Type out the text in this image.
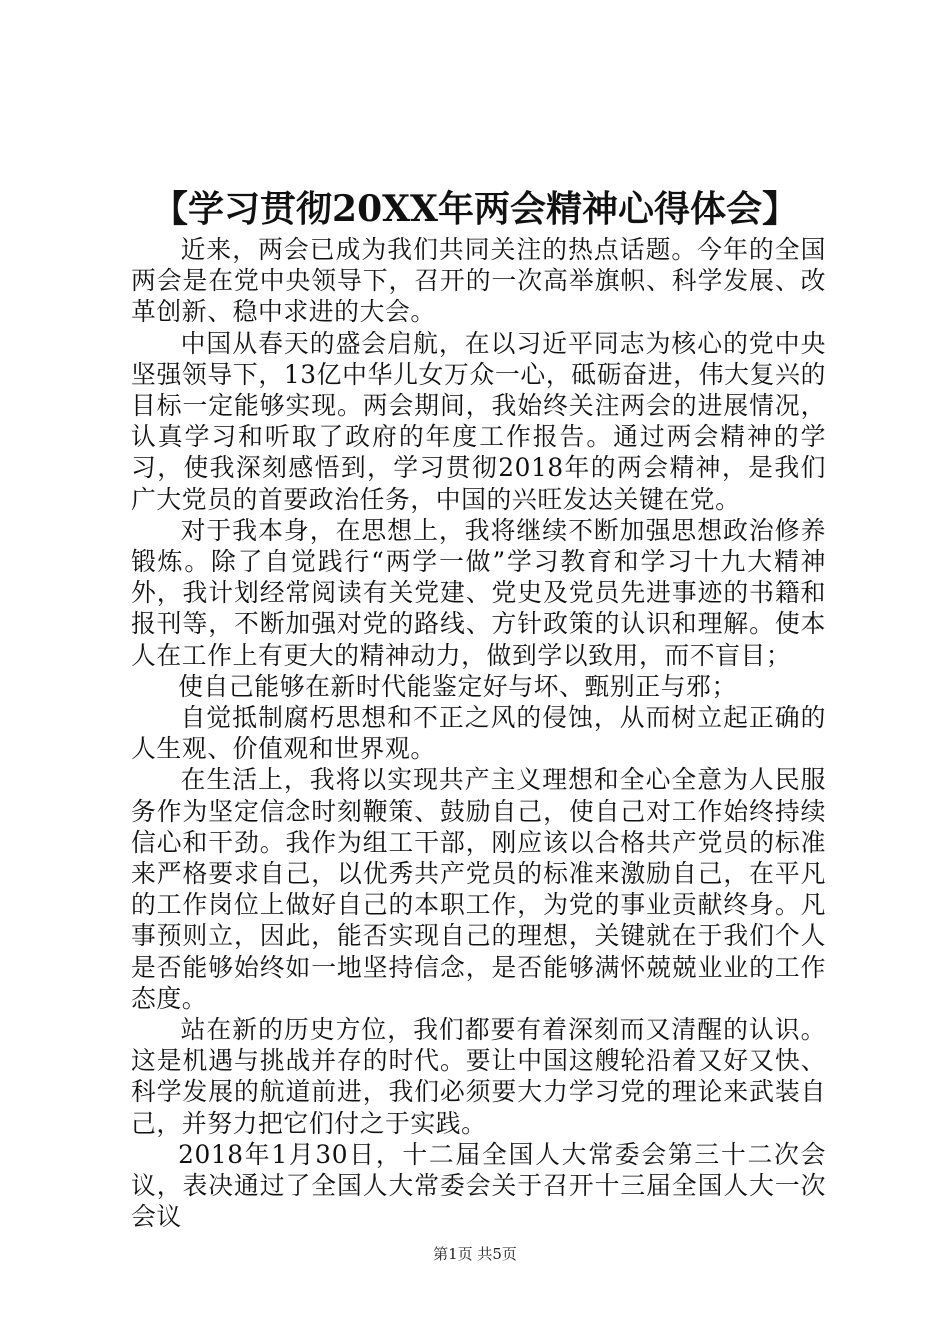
【学习贯彻20XX年两会精神心得体会】

近来，两会已成为我们共同关注的热点话题。今年的全国两会是在党中央领导下，召开的一次高举旗帜、科学发展、改革创新、稳中求进的大会。

中国从春天的盛会启航，在以习近平同志为核心的党中央坚强领导下，13亿中华儿女万众一心，砥砺奋进，伟大复兴的目标一定能够实现。两会期间，我始终关注两会的进展情况，认真学习和听取了政府的年度工作报告。通过两会精神的学习，使我深刻感悟到，学习贯彻2018年的两会精神，是我们广大党员的首要政治任务，中国的兴旺发达关键在党。

对于我本身，在思想上，我将继续不断加强思想政治修养锻炼。除了自觉践行“两学一做”学习教育和学习十九大精神外，我计划经常阅读有关党建、党史及党员先进事迹的书籍和报刊等，不断加强对党的路线、方针政策的认识和理解。使本人在工作上有更大的精神动力，做到学以致用，而不盲目；

使自己能够在新时代能鉴定好与坏、甄别正与邪；

自觉抵制腐朽思想和不正之风的侵蚀，从而树立起正确的人生观、价值观和世界观。

在生活上，我将以实现共产主义理想和全心全意为人民服务作为坚定信念时刻鞭策、鼓励自己，使自己对工作始终持续信心和干劲。我作为组工干部，刚应该以合格共产党员的标准来严格要求自己，以优秀共产党员的标准来激励自己，在平凡的工作岗位上做好自己的本职工作，为党的事业贡献终身。凡事预则立，因此，能否实现自己的理想，关键就在于我们个人是否能够始终如一地坚持信念，是否能够满怀兢兢业业的工作态度。

站在新的历史方位，我们都要有着深刻而又清醒的认识。这是机遇与挑战并存的时代。要让中国这艘轮沿着又好又快、科学发展的航道前进，我们必须要大力学习党的理论来武装自己，并努力把它们付之于实践。

2018年1月30日，十二届全国人大常委会第三十二次会议，表决通过了全国人大常委会关于召开十三届全国人大一次会议

第1页 共5页
